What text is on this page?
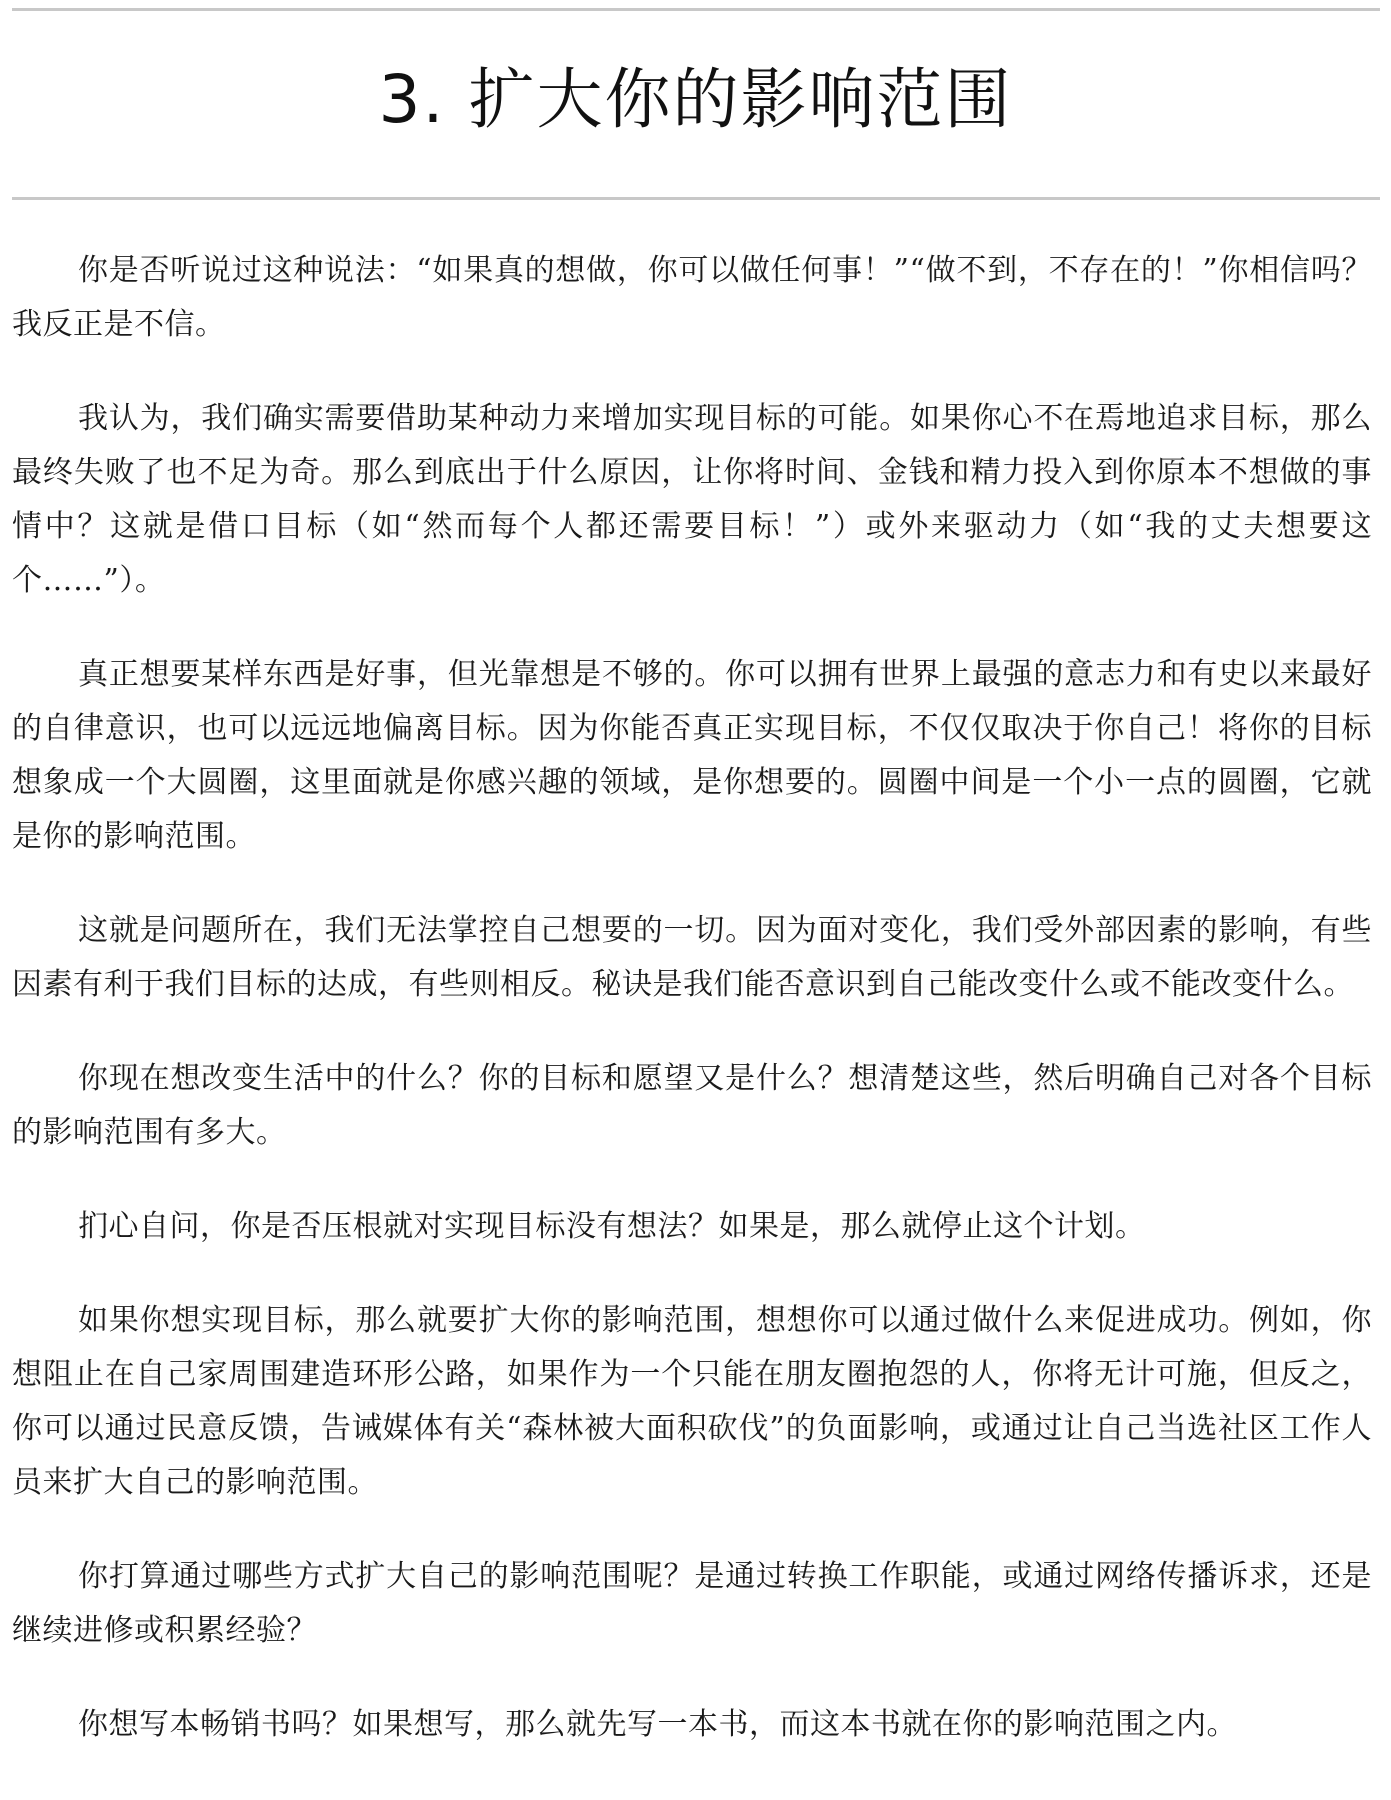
3. 扩大你的影响范围

你是否听说过这种说法：“如果真的想做，你可以做任何事！”“做不到，不存在的！”你相信吗？我反正是不信。

我认为，我们确实需要借助某种动力来增加实现目标的可能。如果你心不在焉地追求目标，那么最终失败了也不足为奇。那么到底出于什么原因，让你将时间、金钱和精力投入到你原本不想做的事情中？这就是借口目标（如“然而每个人都还需要目标！”）或外来驱动力（如“我的丈夫想要这个……”）。

真正想要某样东西是好事，但光靠想是不够的。你可以拥有世界上最强的意志力和有史以来最好的自律意识，也可以远远地偏离目标。因为你能否真正实现目标，不仅仅取决于你自己！将你的目标想象成一个大圆圈，这里面就是你感兴趣的领域，是你想要的。圆圈中间是一个小一点的圆圈，它就是你的影响范围。

这就是问题所在，我们无法掌控自己想要的一切。因为面对变化，我们受外部因素的影响，有些因素有利于我们目标的达成，有些则相反。秘诀是我们能否意识到自己能改变什么或不能改变什么。

你现在想改变生活中的什么？你的目标和愿望又是什么？想清楚这些，然后明确自己对各个目标的影响范围有多大。

扪心自问，你是否压根就对实现目标没有想法？如果是，那么就停止这个计划。

如果你想实现目标，那么就要扩大你的影响范围，想想你可以通过做什么来促进成功。例如，你想阻止在自己家周围建造环形公路，如果作为一个只能在朋友圈抱怨的人，你将无计可施，但反之，你可以通过民意反馈，告诫媒体有关“森林被大面积砍伐”的负面影响，或通过让自己当选社区工作人员来扩大自己的影响范围。

你打算通过哪些方式扩大自己的影响范围呢？是通过转换工作职能，或通过网络传播诉求，还是继续进修或积累经验？

你想写本畅销书吗？如果想写，那么就先写一本书，而这本书就在你的影响范围之内。
